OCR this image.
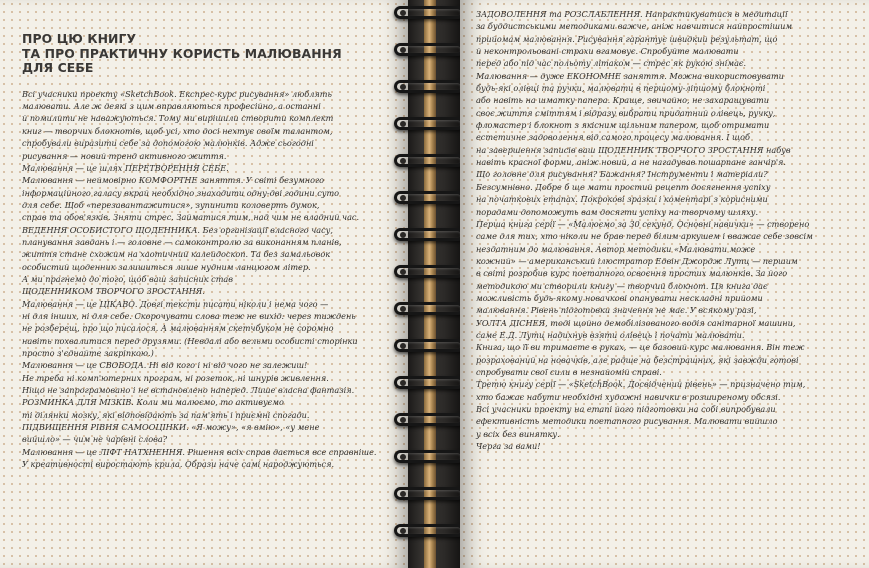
ПРО ЦЮ КНИГУ
ТА ПРО ПРАКТИЧНУ КОРИСТЬ МАЛЮВАННЯ
ДЛЯ СЕБЕ

Всі учасники проекту «SketchBook. Експрес-курс рисування» люблять
малювати. Але ж деякі з цим вправляються професійно, а останні
й помилити не наважуються. Тому ми вирішили створити комплект
книг — творчих блокнотів, щоб усі, хто досі нехтує своїм талантом,
спробували виразити себе за допомогою малюнків. Адже сьогодні
рисування — новий тренд активного життя.

Малювання — це шлях ПЕРЕТВОРЕННЯ СЕБЕ.

Малювання — неймовірно КОМФОРТНЕ заняття. У світі безумного
інформаційного галасу вкрай необхідно знаходити одну-дві години суто
для себе. Щоб «перезавантажитися», зупинити коловерть думок,
справ та обов'язків. Зняти стрес. Займатися тим, над чим не владний час.

ВЕДЕННЯ ОСОБИСТОГО ЩОДЕННИКА. Без організації власного часу,
планування завдань і — головне — самоконтролю за виконанням планів,
життя стане схожим на хаотичний калейдоскоп. Та без замальовок
особистий щоденник залишиться лише нудним ланцюгом літер.
А ми прагнемо до того, щоб ваш записник став
ЩОДЕННИКОМ ТВОРЧОГО ЗРОСТАННЯ.

Малювання — це ЦІКАВО. Довгі тексти писати ніколи і нема чого —
ні для інших, ні для себе. Скорочувати слова теж не вихід: через тиждень
не розберещ, про що писалося. А малюванням скетчбуком не соромно
навіть похвалитися перед друзями. (Невдалі або вельми особисті сторінки
просто з'єднайте закріпкою.)

Малювання — це СВОБОДА. Ні від кого і ні від чого не залежиш!
Не треба ні комп'ютерних програм, ні розеток, ні шнурів живлення.
Ніщо не запрограмовано і не встановлено наперед. Лише власна фантазія.

РОЗМИНКА ДЛЯ МІЗКІВ. Коли ми малюємо, то активуємо
ті ділянки мозку, які відповідають за пам'ять і приємні спогади.

ПІДВИЩЕННЯ РІВНЯ САМООЦІНКИ. «Я можу», «я вмію», «у мене
вийшло» — чим не чарівні слова?

Малювання — це ЛІФТ НАТХНЕННЯ. Рішення всіх справ дається все справніше.
У креативності виростають крила. Образи наче самі народжуються.

ЗАДОВОЛЕННЯ та РОЗСЛАБЛЕННЯ. Напрактикуватися в медитації
за буддистськими методиками важче, аніж навчитися найпростішим
прийомам малювання. Рисування гарантує швидкий результат, що
й неконтрольовані страхи вгамовує. Спробуйте малювати
перед або під час польоту літаком — стрес як рукою знімає.

Малювання — дуже ЕКОНОМНЕ заняття. Можна використовувати
будь-які олівці та ручки, малювати в першому-ліпшому блокноті
або навіть на шматку папера. Краще, звичайно, не захаращувати
своє життя сміттям і відразу вибрати придатний олівець, ручку,
фломастер і блокнот з якісним щільним папером, щоб отримати
естетичне задоволення від самого процесу малювання. І щоб
на завершення записів ваш ЩОДЕННИК ТВОРЧОГО ЗРОСТАННЯ набув
навіть красної форми, аніж новий, а не нагадував пошарпане ганчір'я.

Що головне для рисування? Бажання? Інструменти і матеріали?
Безсумнівно. Добре б ще мати простий рецепт досягнення успіху
на початкових етапах. Покрокові зразки і коментарі з корисними
порадами допоможуть вам досягти успіху на творчому шляху.

Перша книга серії — «Малюємо за 30 секунд. Основні навички» — створено
саме для тих, хто ніколи не брав перед білим аркушем і вважає себе зовсім
нездатним до малювання. Автор методики «Малювати може
кожний» — американський ілюстратор Едвін Джордж Лутц — першим
в світі розробив курс поетапного освоєння простих малюнків. За його
методикою ми створили книгу — творчий блокнот. Ця книга дає
можливість будь-якому новачкові опанувати нескладні прийоми
малювання. Рівень підготовки значення не має. У всякому разі,
УОЛТА ДІСНЕЯ, тоді щойно демобілізованого водія санітарної машини,
саме Е.Д. Лутц надихнув взяти олівець і почати малювати.

Книга, що її ви тримаєте в руках, — це базовий курс малювання. Він теж
розрахований на новачків, але радше на безстрашних, які завжди готові
спробувати свої сили в незнайомій справі.

Третю книгу серії — «SketchBook. Досвідчений рівень» — призначено тим,
хто бажає набути необхідні художні навички в розширеному обсязі.

Всі учасники проекту на етапі його підготовки на собі випробували
ефективність методики поетапного рисування. Малювати вийшло
у всіх без винятку.

Черга за вами!
